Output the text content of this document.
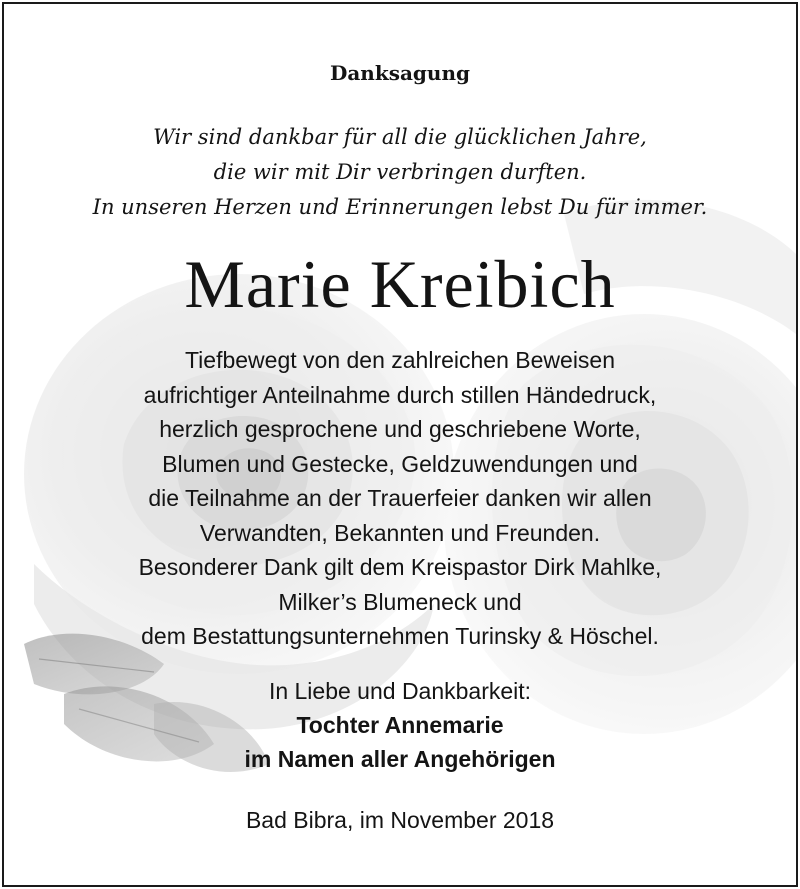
Danksagung
Wir sind dankbar für all die glücklichen Jahre,
die wir mit Dir verbringen durften.
In unseren Herzen und Erinnerungen lebst Du für immer.
Marie Kreibich
Tiefbewegt von den zahlreichen Beweisen
aufrichtiger Anteilnahme durch stillen Händedruck,
herzlich gesprochene und geschriebene Worte,
Blumen und Gestecke, Geldzuwendungen und
die Teilnahme an der Trauerfeier danken wir allen
Verwandten, Bekannten und Freunden.
Besonderer Dank gilt dem Kreispastor Dirk Mahlke,
Milker’s Blumeneck und
dem Bestattungsunternehmen Turinsky & Höschel.
In Liebe und Dankbarkeit:
Tochter Annemarie
im Namen aller Angehörigen
Bad Bibra, im November 2018
